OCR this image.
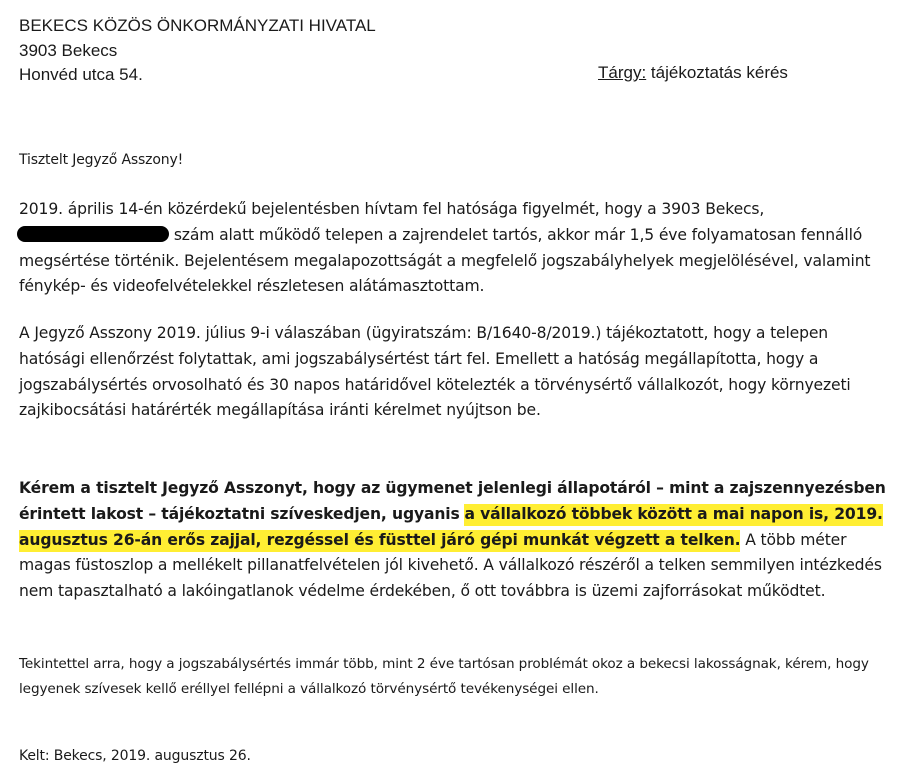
BEKECS KÖZÖS ÖNKORMÁNYZATI HIVATAL
3903 Bekecs
Honvéd utca 54.	Tárgy: tájékoztatás kérés
Tisztelt Jegyző Asszony!
2019. április 14-én közérdekű bejelentésben hívtam fel hatósága figyelmét, hogy a 3903 Bekecs,  szám alatt működő telepen a zajrendelet tartós, akkor már 1,5 éve folyamatosan fennálló megsértése történik. Bejelentésem megalapozottságát a megfelelő jogszabályhelyek megjelölésével, valamint fénykép- és videofelvételekkel részletesen alátámasztottam.
A Jegyző Asszony 2019. július 9-i válaszában (ügyiratszám: B/1640-8/2019.) tájékoztatott, hogy a telepen hatósági ellenőrzést folytattak, ami jogszabálysértést tárt fel. Emellett a hatóság megállapította, hogy a jogszabálysértés orvosolható és 30 napos határidővel kötelezték a törvénysértő vállalkozót, hogy környezeti zajkibocsátási határérték megállapítása iránti kérelmet nyújtson be.
Kérem a tisztelt Jegyző Asszonyt, hogy az ügymenet jelenlegi állapotáról – mint a zajszennyezésben érintett lakost – tájékoztatni szíveskedjen, ugyanis a vállalkozó többek között a mai napon is, 2019. augusztus 26-án erős zajjal, rezgéssel és füsttel járó gépi munkát végzett a telken. A több méter magas füstoszlop a mellékelt pillanatfelvételen jól kivehető. A vállalkozó részéről a telken semmilyen intézkedés nem tapasztalható a lakóingatlanok védelme érdekében, ő ott továbbra is üzemi zajforrásokat működtet.
Tekintettel arra, hogy a jogszabálysértés immár több, mint 2 éve tartósan problémát okoz a bekecsi lakosságnak, kérem, hogy legyenek szívesek kellő eréllyel fellépni a vállalkozó törvénysértő tevékenységei ellen.
Kelt: Bekecs, 2019. augusztus 26.
